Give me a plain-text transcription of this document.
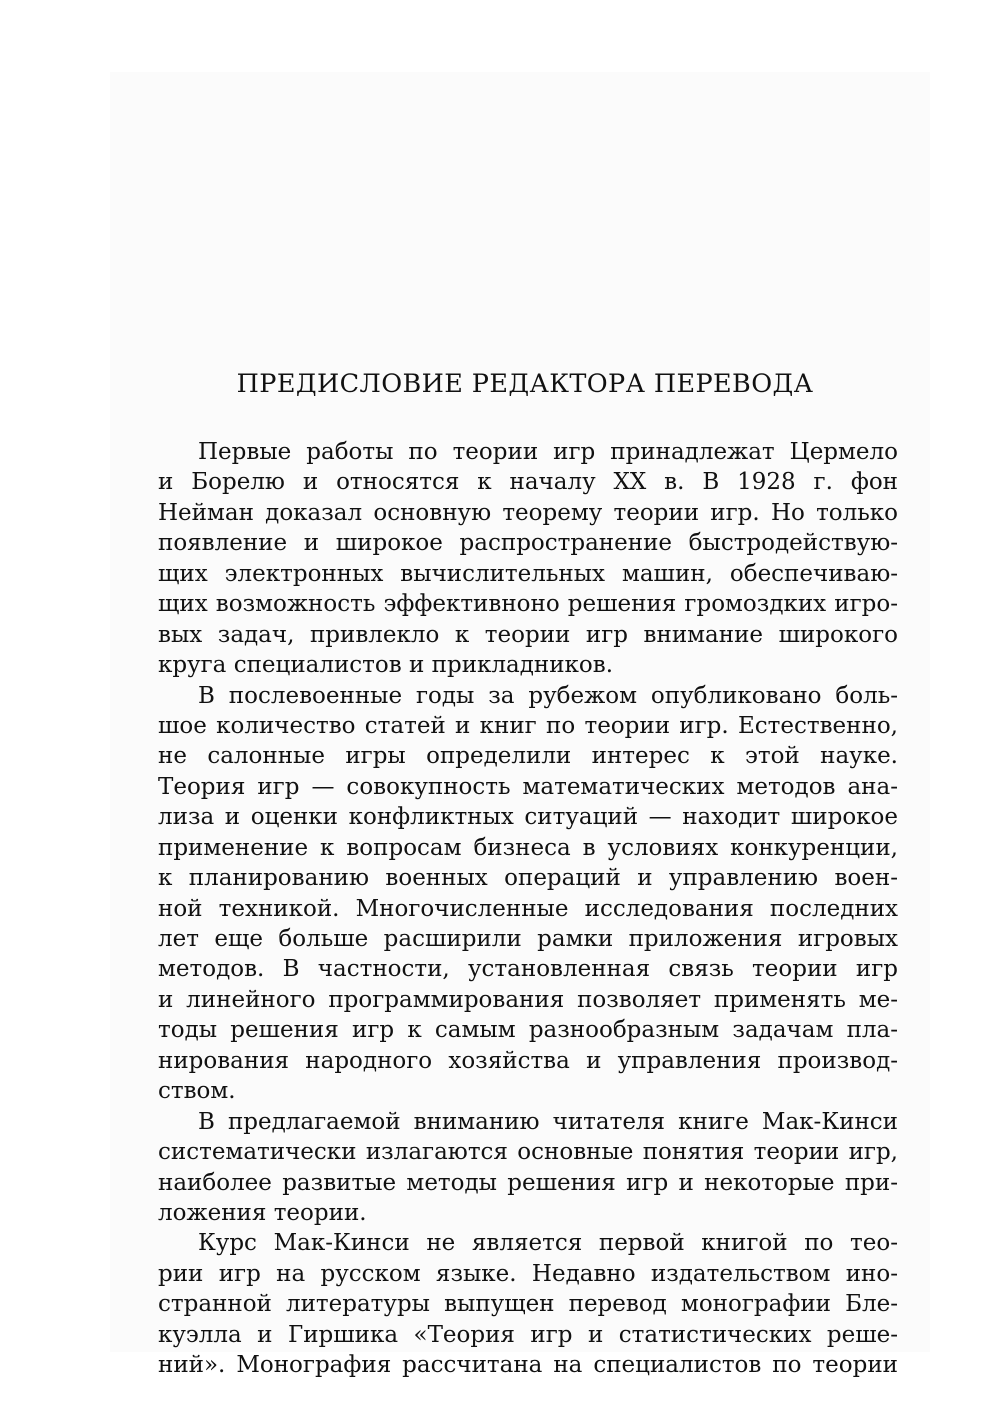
ПРЕДИСЛОВИЕ РЕДАКТОРА ПЕРЕВОДА
Первые работы по теории игр принадлежат Цермело
и Борелю и относятся к началу XX в. В 1928 г. фон
Нейман доказал основную теорему теории игр. Но только
появление и широкое распространение быстродействую-
щих электронных вычислительных машин, обеспечиваю-
щих возможность эффективноно решения громоздких игро-
вых задач, привлекло к теории игр внимание широкого
круга специалистов и прикладников.
В послевоенные годы за рубежом опубликовано боль-
шое количество статей и книг по теории игр. Естественно,
не салонные игры определили интерес к этой науке.
Теория игр — совокупность математических методов ана-
лиза и оценки конфликтных ситуаций — находит широкое
применение к вопросам бизнеса в условиях конкуренции,
к планированию военных операций и управлению воен-
ной техникой. Многочисленные исследования последних
лет еще больше расширили рамки приложения игровых
методов. В частности, установленная связь теории игр
и линейного программирования позволяет применять ме-
тоды решения игр к самым разнообразным задачам пла-
нирования народного хозяйства и управления производ-
ством.
В предлагаемой вниманию читателя книге Мак-Кинси
систематически излагаются основные понятия теории игр,
наиболее развитые методы решения игр и некоторые при-
ложения теории.
Курс Мак-Кинси не является первой книгой по тео-
рии игр на русском языке. Недавно издательством ино-
странной литературы выпущен перевод монографии Бле-
куэлла и Гиршика «Теория игр и статистических реше-
ний». Монография рассчитана на специалистов по теории
